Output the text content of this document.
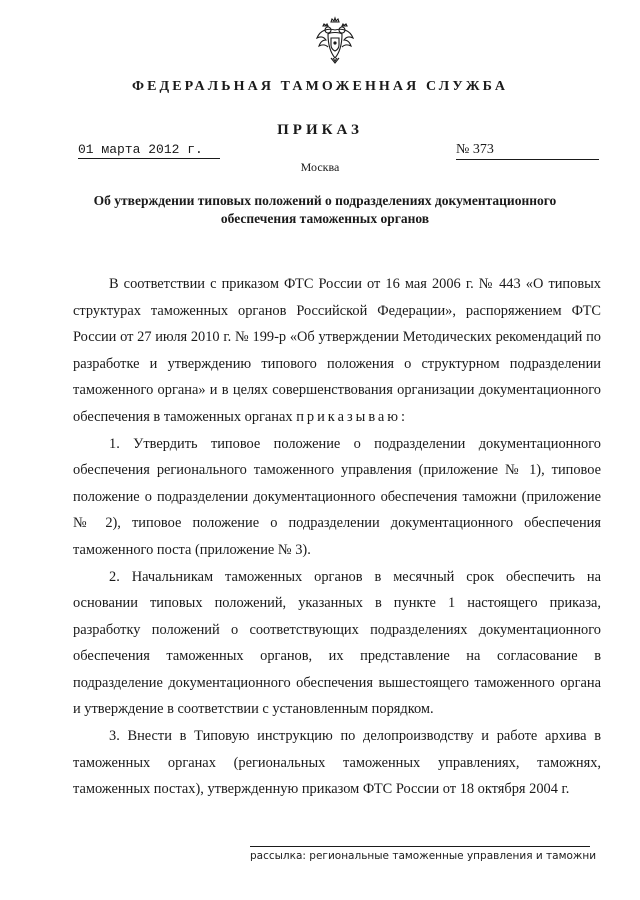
ФЕДЕРАЛЬНАЯ ТАМОЖЕННАЯ СЛУЖБА
ПРИКАЗ
01 марта 2012 г.	№ 373
Москва
Об утверждении типовых положений о подразделениях документационного обеспечения таможенных органов

В соответствии с приказом ФТС России от 16 мая 2006 г. № 443 «О типовых структурах таможенных органов Российской Федерации», распоряжением ФТС России от 27 июля 2010 г. № 199-р «Об утверждении Методических рекомендаций по разработке и утверждению типового положения о структурном подразделении таможенного органа» и в целях совершенствования организации документационного обеспечения в таможенных органах приказываю:

1. Утвердить типовое положение о подразделении документационного обеспечения регионального таможенного управления (приложение № 1), типовое положение о подразделении документационного обеспечения таможни (приложение № 2), типовое положение о подразделении документационного обеспечения таможенного поста (приложение № 3).

2. Начальникам таможенных органов в месячный срок обеспечить на основании типовых положений, указанных в пункте 1 настоящего приказа, разработку положений о соответствующих подразделениях документационного обеспечения таможенных органов, их представление на согласование в подразделение документационного обеспечения вышестоящего таможенного органа и утверждение в соответствии с установленным порядком.

3. Внести в Типовую инструкцию по делопроизводству и работе архива в таможенных органах (региональных таможенных управлениях, таможнях, таможенных постах), утвержденную приказом ФТС России от 18 октября 2004 г.

рассылка: региональные таможенные управления и таможни
